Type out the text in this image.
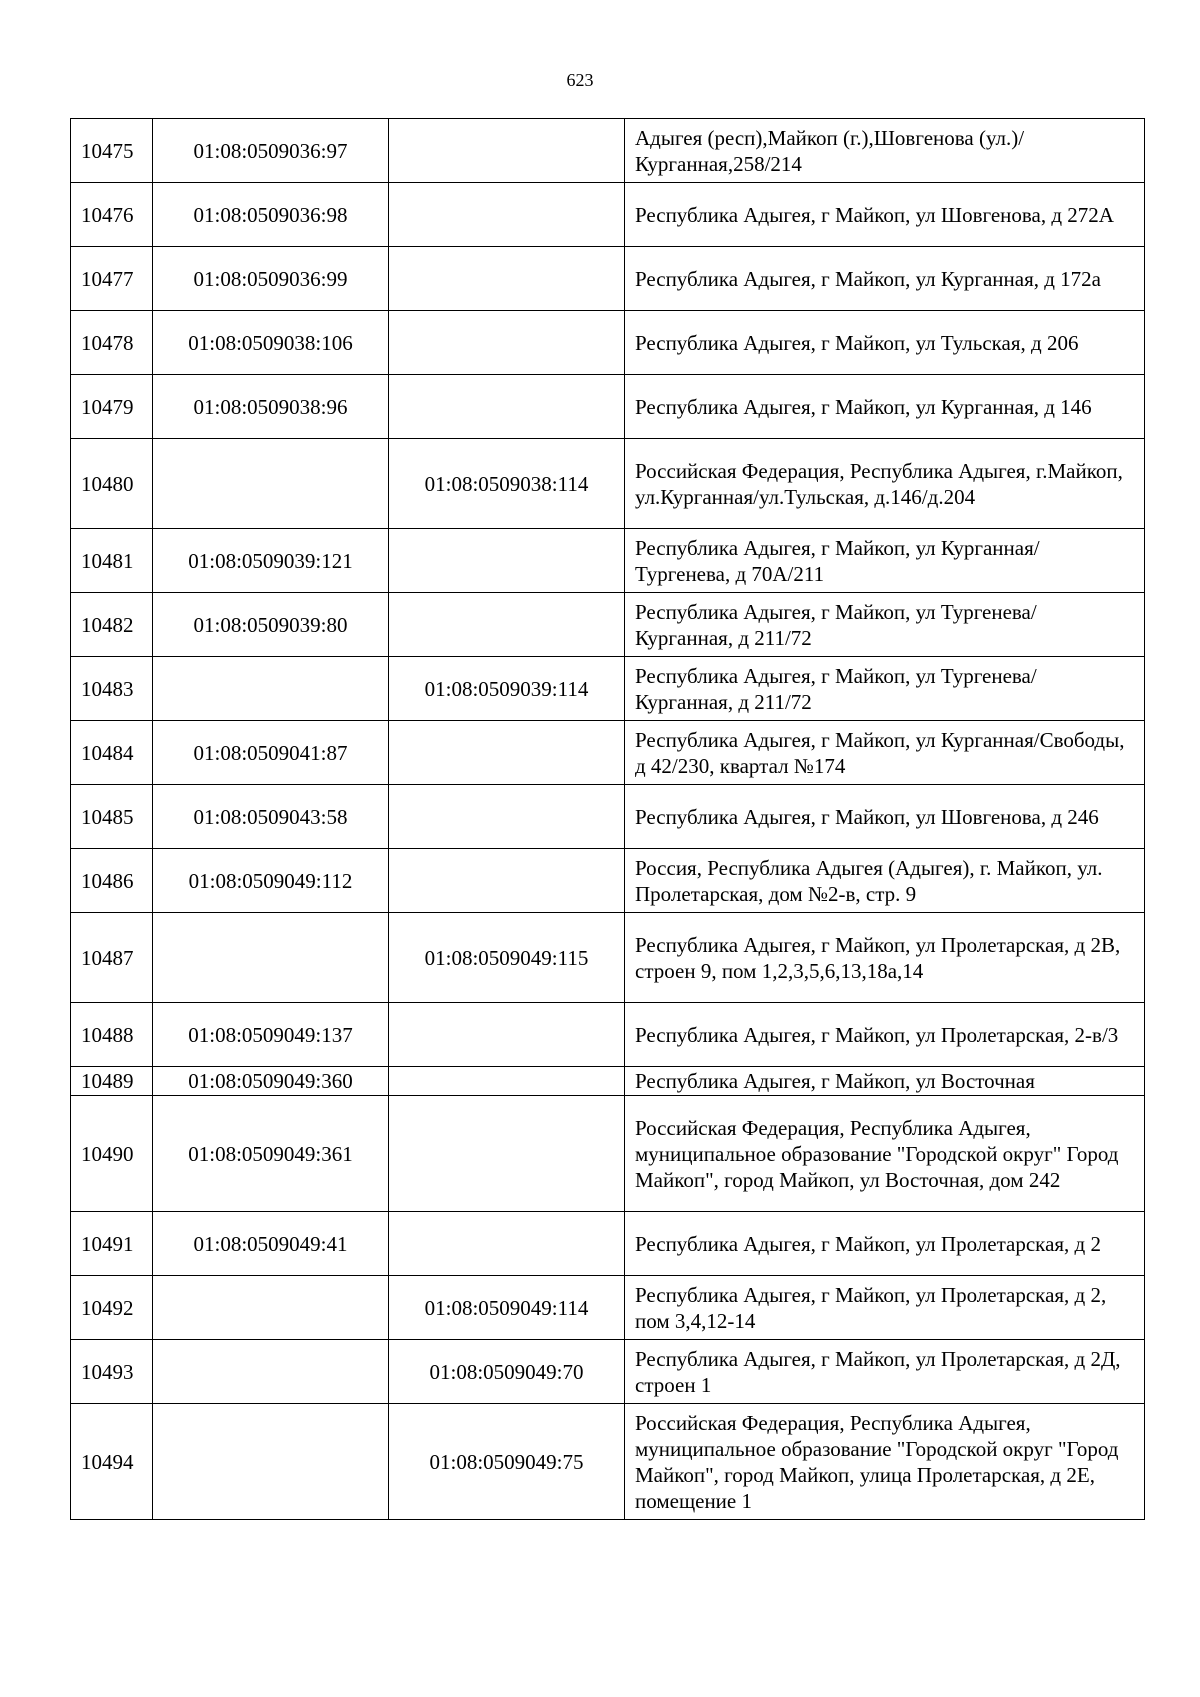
623
10475	01:08:0509036:97		Адыгея (респ),Майкоп (г.),Шовгенова (ул.)/Курганная,258/214
10476	01:08:0509036:98		Республика Адыгея, г Майкоп, ул Шовгенова, д 272А
10477	01:08:0509036:99		Республика Адыгея, г Майкоп, ул Курганная, д 172а
10478	01:08:0509038:106		Республика Адыгея, г Майкоп, ул Тульская, д 206
10479	01:08:0509038:96		Республика Адыгея, г Майкоп, ул Курганная, д 146
10480		01:08:0509038:114	Российская Федерация, Республика Адыгея, г.Майкоп, ул.Курганная/ул.Тульская, д.146/д.204
10481	01:08:0509039:121		Республика Адыгея, г Майкоп, ул Курганная/Тургенева, д 70А/211
10482	01:08:0509039:80		Республика Адыгея, г Майкоп, ул Тургенева/Курганная, д 211/72
10483		01:08:0509039:114	Республика Адыгея, г Майкоп, ул Тургенева/Курганная, д 211/72
10484	01:08:0509041:87		Республика Адыгея, г Майкоп, ул Курганная/Свободы, д 42/230, квартал №174
10485	01:08:0509043:58		Республика Адыгея, г Майкоп, ул Шовгенова, д 246
10486	01:08:0509049:112		Россия, Республика Адыгея (Адыгея), г. Майкоп, ул. Пролетарская, дом №2-в, стр. 9
10487		01:08:0509049:115	Республика Адыгея, г Майкоп, ул Пролетарская, д 2В, строен 9, пом 1,2,3,5,6,13,18а,14
10488	01:08:0509049:137		Республика Адыгея, г Майкоп, ул Пролетарская, 2-в/3
10489	01:08:0509049:360		Республика Адыгея, г Майкоп, ул Восточная
10490	01:08:0509049:361		Российская Федерация, Республика Адыгея, муниципальное образование "Городской округ" Город Майкоп", город Майкоп, ул Восточная, дом 242
10491	01:08:0509049:41		Республика Адыгея, г Майкоп, ул Пролетарская, д 2
10492		01:08:0509049:114	Республика Адыгея, г Майкоп, ул Пролетарская, д 2, пом 3,4,12-14
10493		01:08:0509049:70	Республика Адыгея, г Майкоп, ул Пролетарская, д 2Д, строен 1
10494		01:08:0509049:75	Российская Федерация, Республика Адыгея, муниципальное образование "Городской округ "Город Майкоп", город Майкоп, улица Пролетарская, д 2Е, помещение 1
